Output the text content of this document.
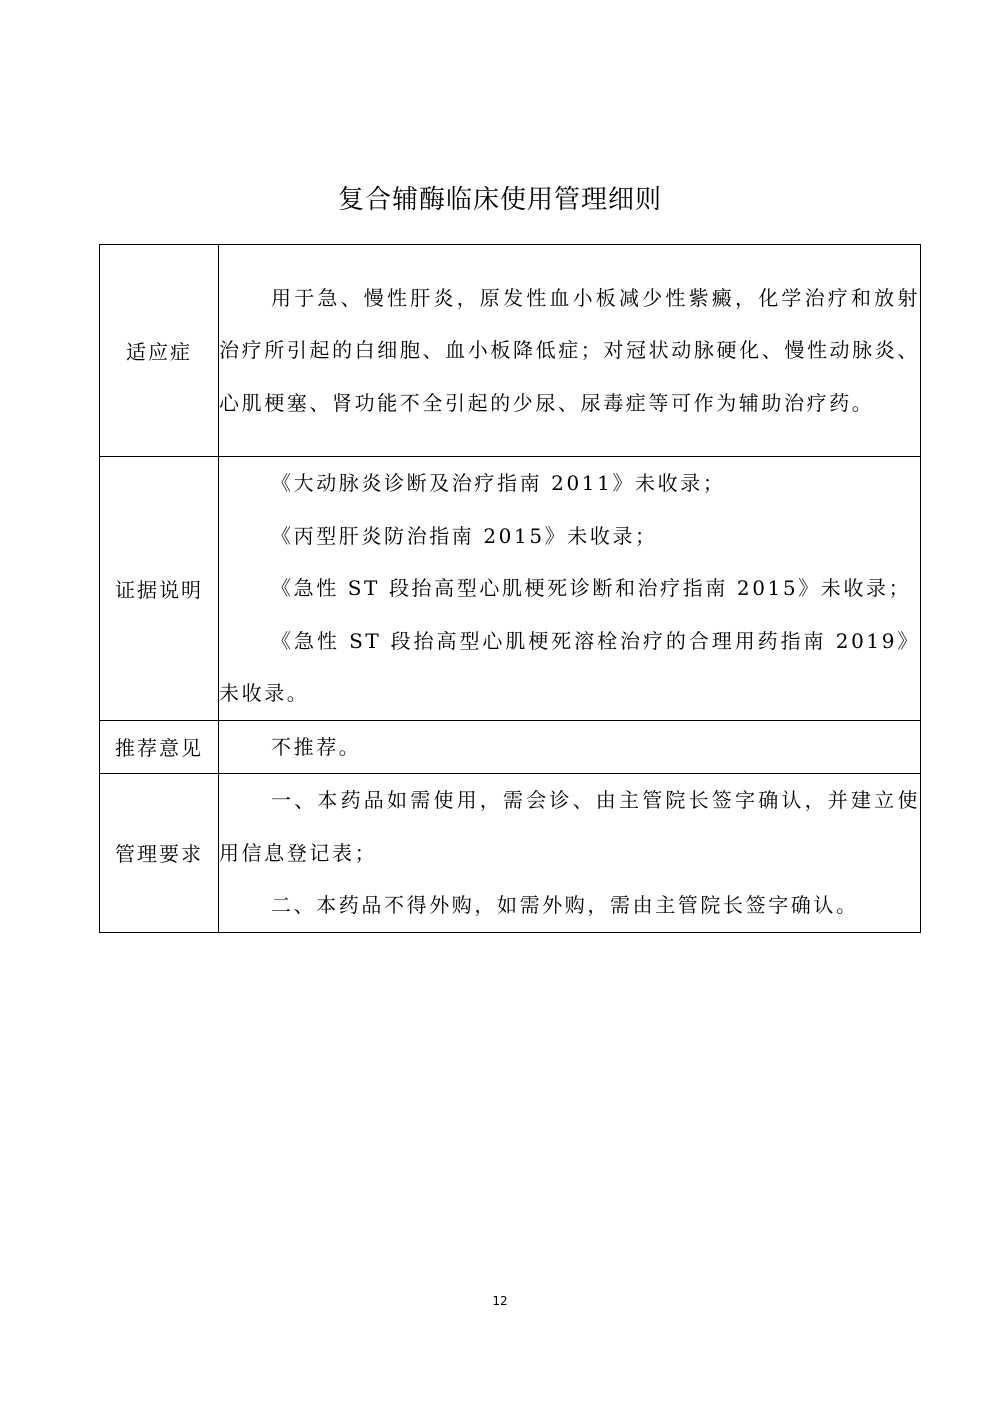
复合辅酶临床使用管理细则
适应症	用于急、慢性肝炎，原发性血小板减少性紫癜，化学治疗和放射治疗所引起的白细胞、血小板降低症；对冠状动脉硬化、慢性动脉炎、心肌梗塞、肾功能不全引起的少尿、尿毒症等可作为辅助治疗药。

证据说明	《大动脉炎诊断及治疗指南 2011》未收录；

《丙型肝炎防治指南 2015》未收录；

《急性 ST 段抬高型心肌梗死诊断和治疗指南 2015》未收录；

《急性 ST 段抬高型心肌梗死溶栓治疗的合理用药指南 2019》未收录。

推荐意见	不推荐。

管理要求	一、本药品如需使用，需会诊、由主管院长签字确认，并建立使用信息登记表；

二、本药品不得外购，如需外购，需由主管院长签字确认。

12
